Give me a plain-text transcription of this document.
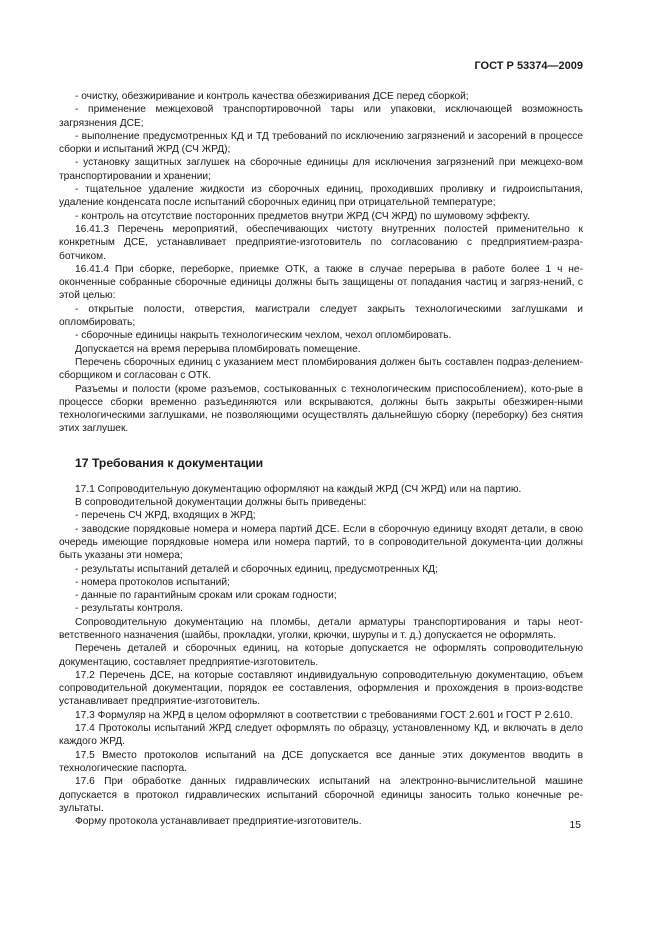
ГОСТ Р 53374—2009

- очистку, обезжиривание и контроль качества обезжиривания ДСЕ перед сборкой;

- применение межцеховой транспортировочной тары или упаковки, исключающей возможность загрязнения ДСЕ;

- выполнение предусмотренных КД и ТД требований по исключению загрязнений и засорений в процессе сборки и испытаний ЖРД (СЧ ЖРД);

- установку защитных заглушек на сборочные единицы для исключения загрязнений при межцехо-вом транспортировании и хранении;

- тщательное удаление жидкости из сборочных единиц, проходивших проливку и гидроиспытания, удаление конденсата после испытаний сборочных единиц при отрицательной температуре;

- контроль на отсутствие посторонних предметов внутри ЖРД (СЧ ЖРД) по шумовому эффекту.

16.41.3 Перечень мероприятий, обеспечивающих чистоту внутренних полостей применительно к конкретным ДСЕ, устанавливает предприятие-изготовитель по согласованию с предприятием-разра-ботчиком.

16.41.4 При сборке, переборке, приемке ОТК, а также в случае перерыва в работе более 1 ч не-оконченные собранные сборочные единицы должны быть защищены от попадания частиц и загряз-нений, с этой целью:

- открытые полости, отверстия, магистрали следует закрыть технологическими заглушками и опломбировать;

- сборочные единицы накрыть технологическим чехлом, чехол опломбировать.

Допускается на время перерыва пломбировать помещение.

Перечень сборочных единиц с указанием мест пломбирования должен быть составлен подраз-делением-сборщиком и согласован с ОТК.

Разъемы и полости (кроме разъемов, состыкованных с технологическим приспособлением), кото-рые в процессе сборки временно разъединяются или вскрываются, должны быть закрыты обезжирен-ными технологическими заглушками, не позволяющими осуществлять дальнейшую сборку (переборку) без снятия этих заглушек.

17 Требования к документации

17.1 Сопроводительную документацию оформляют на каждый ЖРД (СЧ ЖРД) или на партию.

В сопроводительной документации должны быть приведены:

- перечень СЧ ЖРД, входящих в ЖРД;

- заводские порядковые номера и номера партий ДСЕ. Если в сборочную единицу входят детали, в свою очередь имеющие порядковые номера или номера партий, то в сопроводительной документа-ции должны быть указаны эти номера;

- результаты испытаний деталей и сборочных единиц, предусмотренных КД;

- номера протоколов испытаний;

- данные по гарантийным срокам или срокам годности;

- результаты контроля.

Сопроводительную документацию на пломбы, детали арматуры транспортирования и тары неот-ветственного назначения (шайбы, прокладки, уголки, крючки, шурупы и т. д.) допускается не оформлять.

Перечень деталей и сборочных единиц, на которые допускается не оформлять сопроводительную документацию, составляет предприятие-изготовитель.

17.2 Перечень ДСЕ, на которые составляют индивидуальную сопроводительную документацию, объем сопроводительной документации, порядок ее составления, оформления и прохождения в произ-водстве устанавливает предприятие-изготовитель.

17.3 Формуляр на ЖРД в целом оформляют в соответствии с требованиями ГОСТ 2.601 и ГОСТ Р 2.610.

17.4 Протоколы испытаний ЖРД следует оформлять по образцу, установленному КД, и включать в дело каждого ЖРД.

17.5 Вместо протоколов испытаний на ДСЕ допускается все данные этих документов вводить в технологические паспорта.

17.6 При обработке данных гидравлических испытаний на электронно-вычислительной машине допускается в протокол гидравлических испытаний сборочной единицы заносить только конечные ре-зультаты.

Форму протокола устанавливает предприятие-изготовитель.	15
